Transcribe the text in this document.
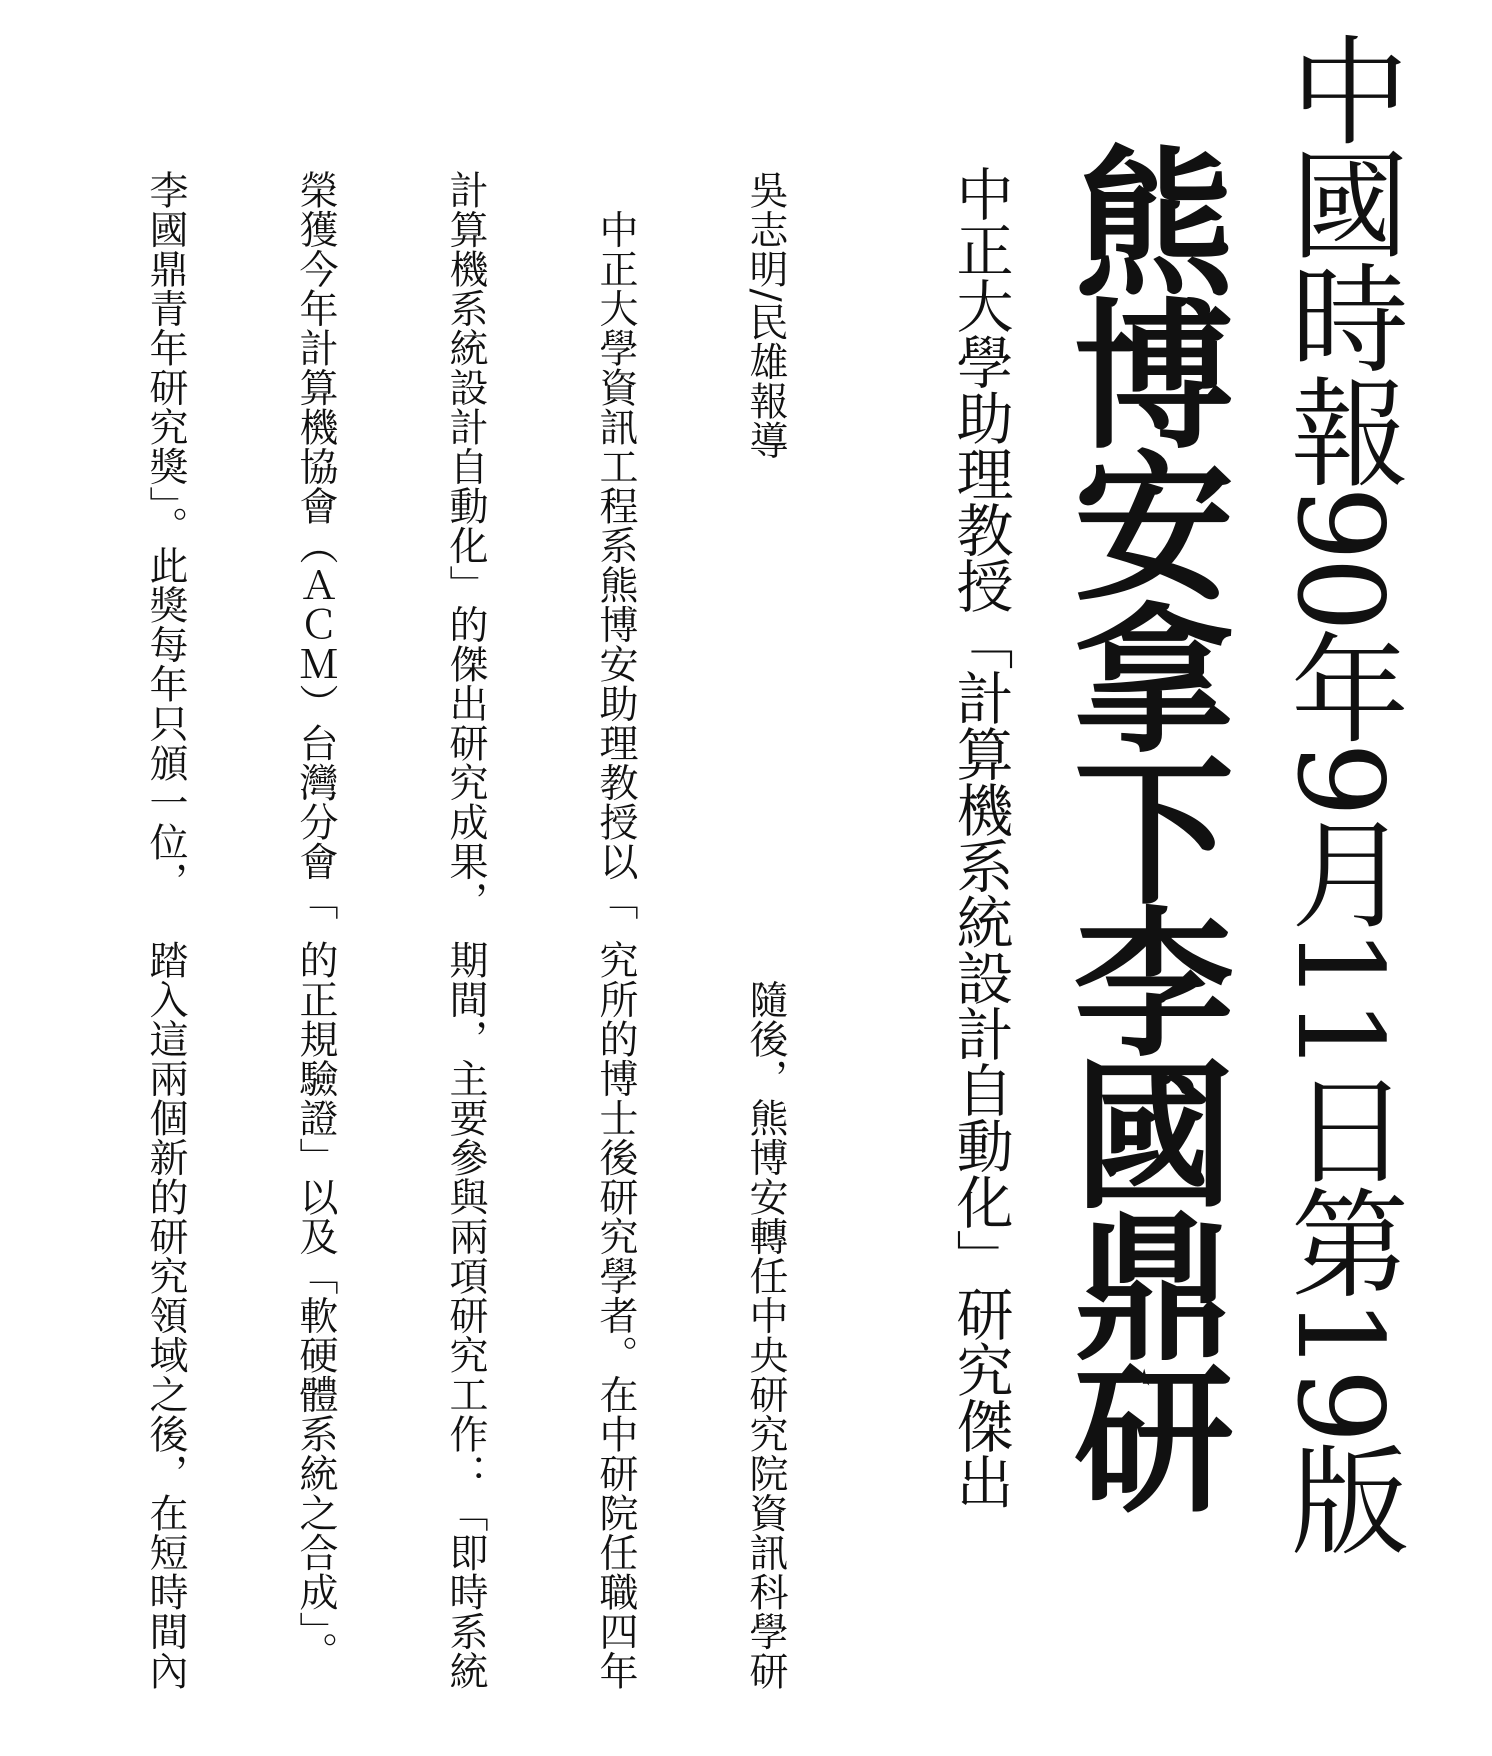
中國時報90年9月11日第19版
熊博安拿下李國鼎研
中正大學助理教授「計算機系統設計自動化」研究傑出

吳志明/民雄報導

　中正大學資訊工程系熊博安助理教授以「

計算機系統設計自動化」的傑出研究成果，

榮獲今年計算機協會（ＡＣＭ）台灣分會「

李國鼎青年研究獎」。此獎每年只頒一位，

　隨後，熊博安轉任中央研究院資訊科學研

究所的博士後研究學者。在中研院任職四年

期間，主要參與兩項研究工作：「即時系統

的正規驗證」以及「軟硬體系統之合成」。

踏入這兩個新的研究領域之後，在短時間內
